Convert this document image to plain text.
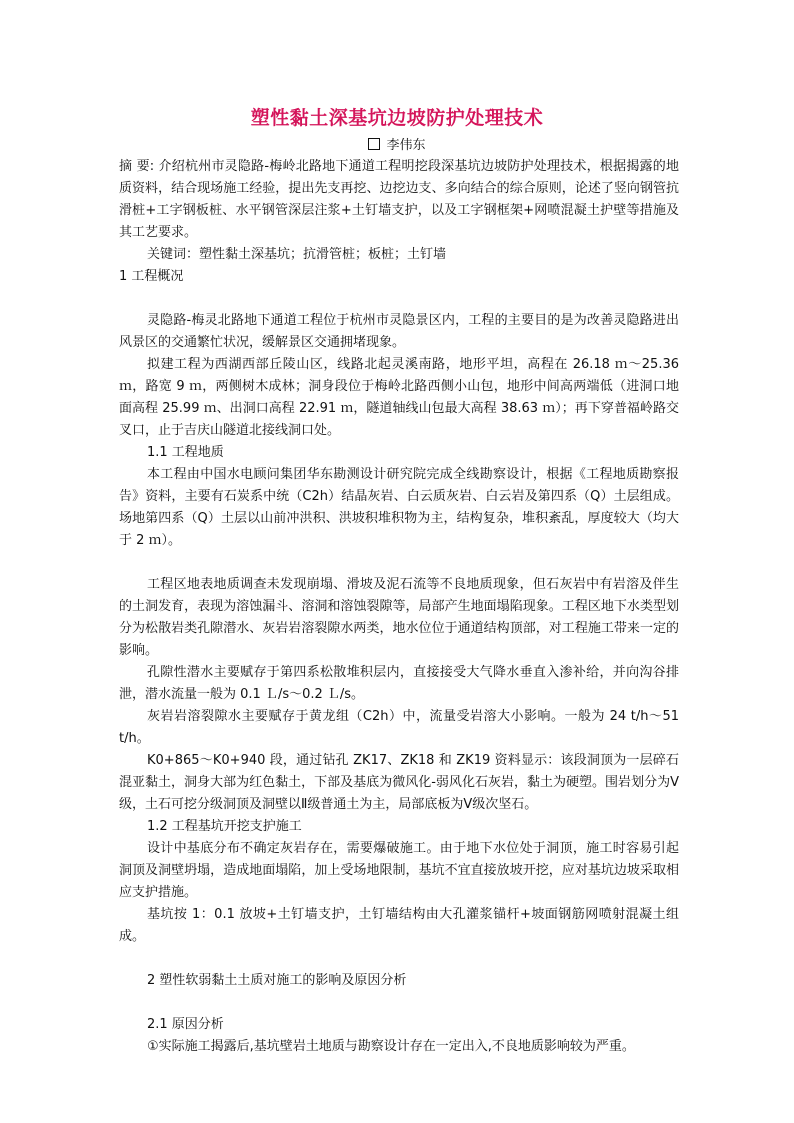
塑性黏土深基坑边坡防护处理技术
李伟东

摘 要: 介绍杭州市灵隐路-梅岭北路地下通道工程明挖段深基坑边坡防护处理技术，根据揭露的地质资料，结合现场施工经验，提出先支再挖、边挖边支、多向结合的综合原则，论述了竖向钢管抗滑桩+工字钢板桩、水平钢管深层注浆+土钉墙支护，以及工字钢框架+网喷混凝土护壁等措施及其工艺要求。

关键词：塑性黏土深基坑；抗滑管桩；板桩；土钉墙

1 工程概况

灵隐路-梅灵北路地下通道工程位于杭州市灵隐景区内，工程的主要目的是为改善灵隐路进出风景区的交通繁忙状况，缓解景区交通拥堵现象。

拟建工程为西湖西部丘陵山区，线路北起灵溪南路，地形平坦，高程在 26.18 ｍ～25.36 ｍ，路宽 9 ｍ，两侧树木成林；洞身段位于梅岭北路西侧小山包，地形中间高两端低（进洞口地面高程 25.99 ｍ、出洞口高程 22.91 ｍ，隧道轴线山包最大高程 38.63 ｍ）；再下穿普福岭路交叉口，止于吉庆山隧道北接线洞口处。

1.1 工程地质

本工程由中国水电顾问集团华东勘测设计研究院完成全线勘察设计，根据《工程地质勘察报告》资料，主要有石炭系中统（C2h）结晶灰岩、白云质灰岩、白云岩及第四系（Q）土层组成。场地第四系（Q）土层以山前冲洪积、洪坡积堆积物为主，结构复杂，堆积紊乱，厚度较大（均大于 2 ｍ）。

工程区地表地质调查未发现崩塌、滑坡及泥石流等不良地质现象，但石灰岩中有岩溶及伴生的土洞发育，表现为溶蚀漏斗、溶洞和溶蚀裂隙等，局部产生地面塌陷现象。工程区地下水类型划分为松散岩类孔隙潜水、灰岩岩溶裂隙水两类，地水位位于通道结构顶部，对工程施工带来一定的影响。

孔隙性潜水主要赋存于第四系松散堆积层内，直接接受大气降水垂直入渗补给，并向沟谷排泄，潜水流量一般为 0.1 Ｌ/s～0.2 Ｌ/s。

灰岩岩溶裂隙水主要赋存于黄龙组（C2h）中，流量受岩溶大小影响。一般为 24 t/h～51 t/h。

K0+865～K0+940 段，通过钻孔 ZK17、ZK18 和 ZK19 资料显示：该段洞顶为一层碎石混亚黏土，洞身大部为红色黏土，下部及基底为微风化-弱风化石灰岩，黏土为硬塑。围岩划分为Ⅴ级，土石可挖分级洞顶及洞壁以Ⅱ级普通土为主，局部底板为Ⅴ级次坚石。

1.2 工程基坑开挖支护施工

设计中基底分布不确定灰岩存在，需要爆破施工。由于地下水位处于洞顶，施工时容易引起洞顶及洞壁坍塌，造成地面塌陷，加上受场地限制，基坑不宜直接放坡开挖，应对基坑边坡采取相应支护措施。

基坑按 1：0.1 放坡+土钉墙支护，土钉墙结构由大孔灌浆锚杆+坡面钢筋网喷射混凝土组成。

2 塑性软弱黏土土质对施工的影响及原因分析

2.1 原因分析

①实际施工揭露后,基坑壁岩土地质与勘察设计存在一定出入,不良地质影响较为严重。
